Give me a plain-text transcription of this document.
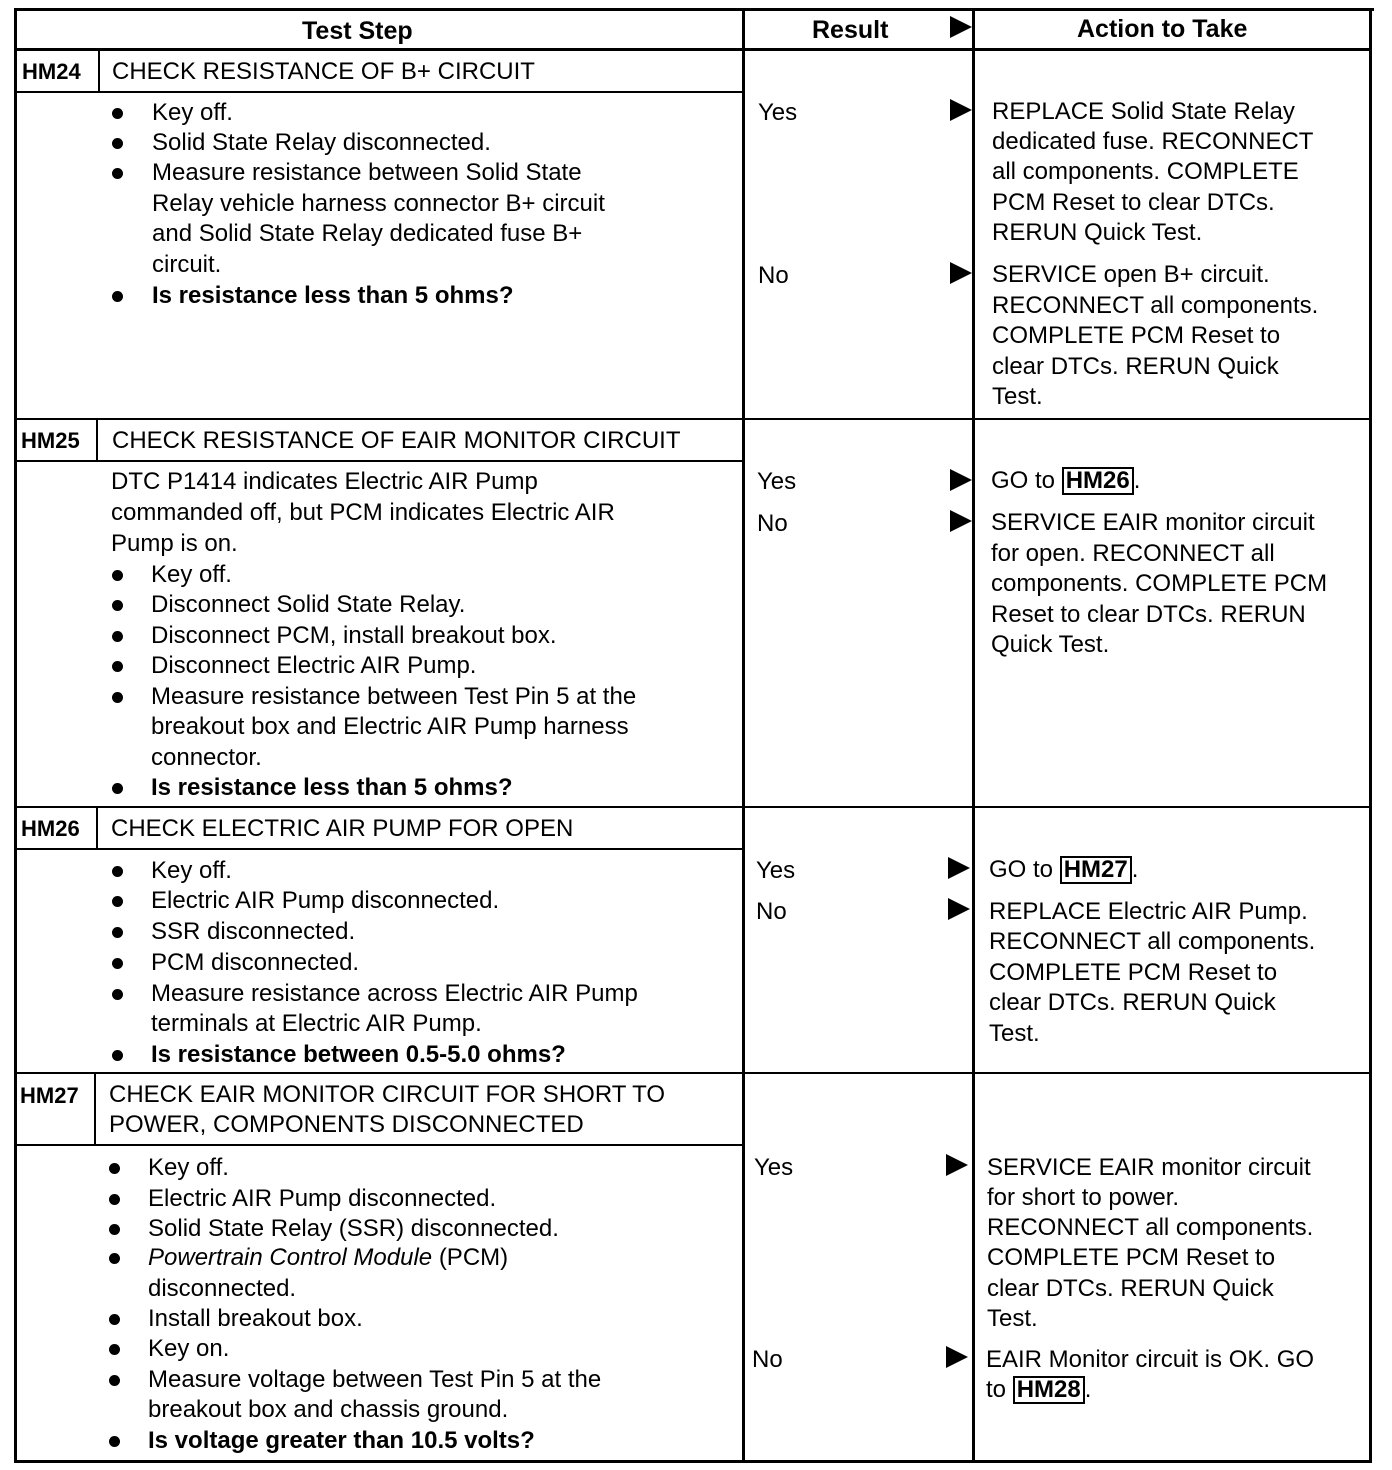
Test Step	Result	Action to Take
HM24 CHECK RESISTANCE OF B+ CIRCUIT
Key off.
Solid State Relay disconnected.
Measure resistance between Solid State
Relay vehicle harness connector B+ circuit
and Solid State Relay dedicated fuse B+
circuit.
Is resistance less than 5 ohms?
Yes
No
REPLACE Solid State Relay
dedicated fuse. RECONNECT
all components. COMPLETE
PCM Reset to clear DTCs.
RERUN Quick Test.
SERVICE open B+ circuit.
RECONNECT all components.
COMPLETE PCM Reset to
clear DTCs. RERUN Quick
Test.
HM25 CHECK RESISTANCE OF EAIR MONITOR CIRCUIT
DTC P1414 indicates Electric AIR Pump
commanded off, but PCM indicates Electric AIR
Pump is on.
Key off.
Disconnect Solid State Relay.
Disconnect PCM, install breakout box.
Disconnect Electric AIR Pump.
Measure resistance between Test Pin 5 at the
breakout box and Electric AIR Pump harness
connector.
Is resistance less than 5 ohms?
Yes
No
GO to HM26 .
SERVICE EAIR monitor circuit
for open. RECONNECT all
components. COMPLETE PCM
Reset to clear DTCs. RERUN
Quick Test.
HM26 CHECK ELECTRIC AIR PUMP FOR OPEN
Key off.
Electric AIR Pump disconnected.
SSR disconnected.
PCM disconnected.
Measure resistance across Electric AIR Pump
terminals at Electric AIR Pump.
Is resistance between 0.5-5.0 ohms?
Yes
No
GO to HM27 .
REPLACE Electric AIR Pump.
RECONNECT all components.
COMPLETE PCM Reset to
clear DTCs. RERUN Quick
Test.
HM27 CHECK EAIR MONITOR CIRCUIT FOR SHORT TO
POWER, COMPONENTS DISCONNECTED
Key off.
Electric AIR Pump disconnected.
Solid State Relay (SSR) disconnected.
Powertrain Control Module (PCM)
disconnected.
Install breakout box.
Key on.
Measure voltage between Test Pin 5 at the
breakout box and chassis ground.
Is voltage greater than 10.5 volts?
Yes
No
SERVICE EAIR monitor circuit
for short to power.
RECONNECT all components.
COMPLETE PCM Reset to
clear DTCs. RERUN Quick
Test.
EAIR Monitor circuit is OK. GO
to HM28 .
